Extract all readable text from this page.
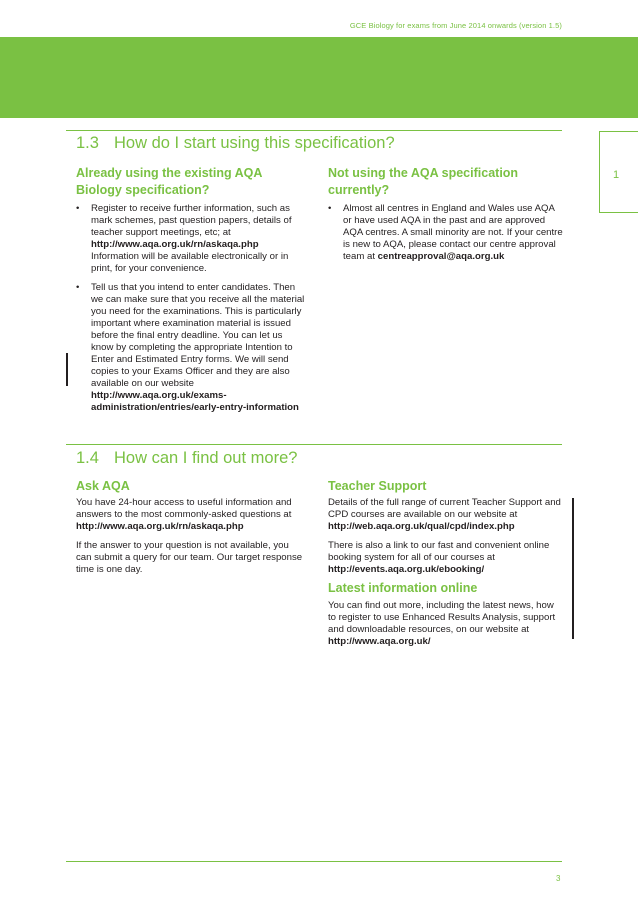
GCE Biology for exams from June 2014 onwards (version 1.5)
1
1.3 How do I start using this specification?
Already using the existing AQA Biology specification?
• Register to receive further information, such as mark schemes, past question papers, details of teacher support meetings, etc; at
http://www.aqa.org.uk/rn/askaqa.php
Information will be available electronically or in print, for your convenience.
• Tell us that you intend to enter candidates. Then we can make sure that you receive all the material you need for the examinations. This is particularly important where examination material is issued before the final entry deadline. You can let us know by completing the appropriate Intention to Enter and Estimated Entry forms. We will send copies to your Exams Officer and they are also available on our website
http://www.aqa.org.uk/exams-administration/entries/early-entry-information
Not using the AQA specification currently?
• Almost all centres in England and Wales use AQA or have used AQA in the past and are approved AQA centres. A small minority are not. If your centre is new to AQA, please contact our centre approval team at centreapproval@aqa.org.uk
1.4 How can I find out more?
Ask AQA

You have 24-hour access to useful information and answers to the most commonly-asked questions at http://www.aqa.org.uk/rn/askaqa.php

If the answer to your question is not available, you can submit a query for our team. Our target response time is one day.

Teacher Support

Details of the full range of current Teacher Support and CPD courses are available on our website at http://web.aqa.org.uk/qual/cpd/index.php

There is also a link to our fast and convenient online booking system for all of our courses at http://events.aqa.org.uk/ebooking/

Latest information online

You can find out more, including the latest news, how to register to use Enhanced Results Analysis, support and downloadable resources, on our website at http://www.aqa.org.uk/

3
